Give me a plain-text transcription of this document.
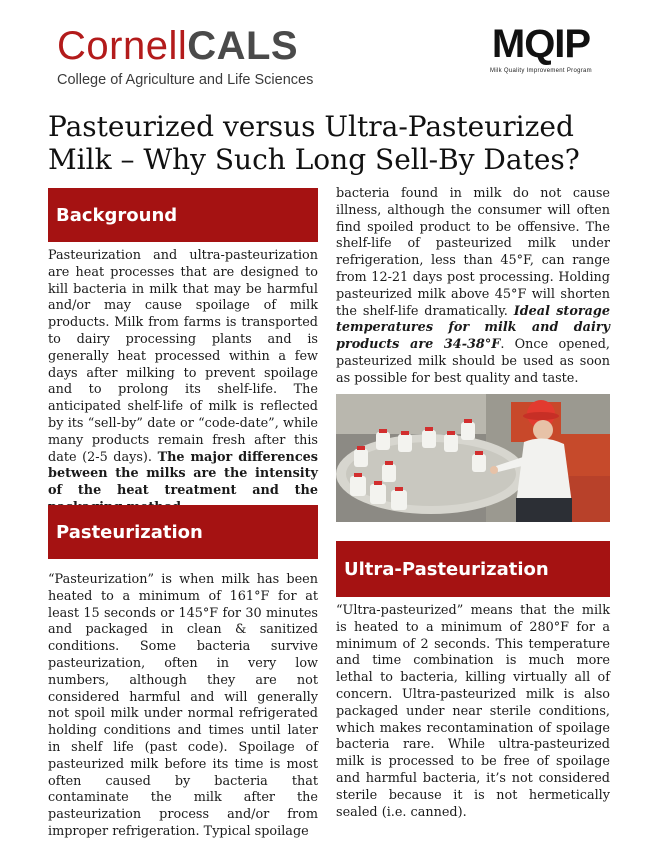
CornellCALS
College of Agriculture and Life Sciences
MQIP
Milk Quality Improvement Program
Pasteurized versus Ultra-Pasteurized
Milk – Why Such Long Sell-By Dates?
Background
Pasteurization and ultra-pasteurization are heat processes that are designed to kill bacteria in milk that may be harmful and/or may cause spoilage of milk products. Milk from farms is transported to dairy processing plants and is generally heat processed within a few days after milking to prevent spoilage and to prolong its shelf-life. The anticipated shelf-life of milk is reflected by its “sell-by” date or “code-date”, while many products remain fresh after this date (2-5 days). The major differences between the milks are the intensity of the heat treatment and the
Pasteurization
“Pasteurization” is when milk has been heated to a minimum of 161°F for at least 15 seconds or 145°F for 30 minutes and packaged in clean & sanitized conditions. Some bacteria survive pasteurization, often in very low numbers, although they are not considered harmful and will generally not spoil milk under normal refrigerated holding conditions and times until later in shelf life (past code). Spoilage of pasteurized milk before its time is most often caused by bacteria that contaminate the milk after the pasteurization process and/or from improper refrigeration. Typical spoilage
bacteria found in milk do not cause illness, although the consumer will often find spoiled product to be offensive. The shelf-life of pasteurized milk under refrigeration, less than 45°F, can range from 12-21 days post processing. Holding pasteurized milk above 45°F will shorten the shelf-life dramatically. Ideal storage temperatures for milk and dairy products are 34-38°F. Once opened, pasteurized milk should be used as soon as possible for best quality and taste.
Ultra-Pasteurization
“Ultra-pasteurized” means that the milk is heated to a minimum of 280°F for a minimum of 2 seconds. This temperature and time combination is much more lethal to bacteria, killing virtually all of concern. Ultra-pasteurized milk is also packaged under near sterile conditions, which makes recontamination of spoilage bacteria rare. While ultra-pasteurized milk is processed to be free of spoilage and harmful bacteria, it’s not considered sterile because it is not hermetically sealed (i.e. canned).
